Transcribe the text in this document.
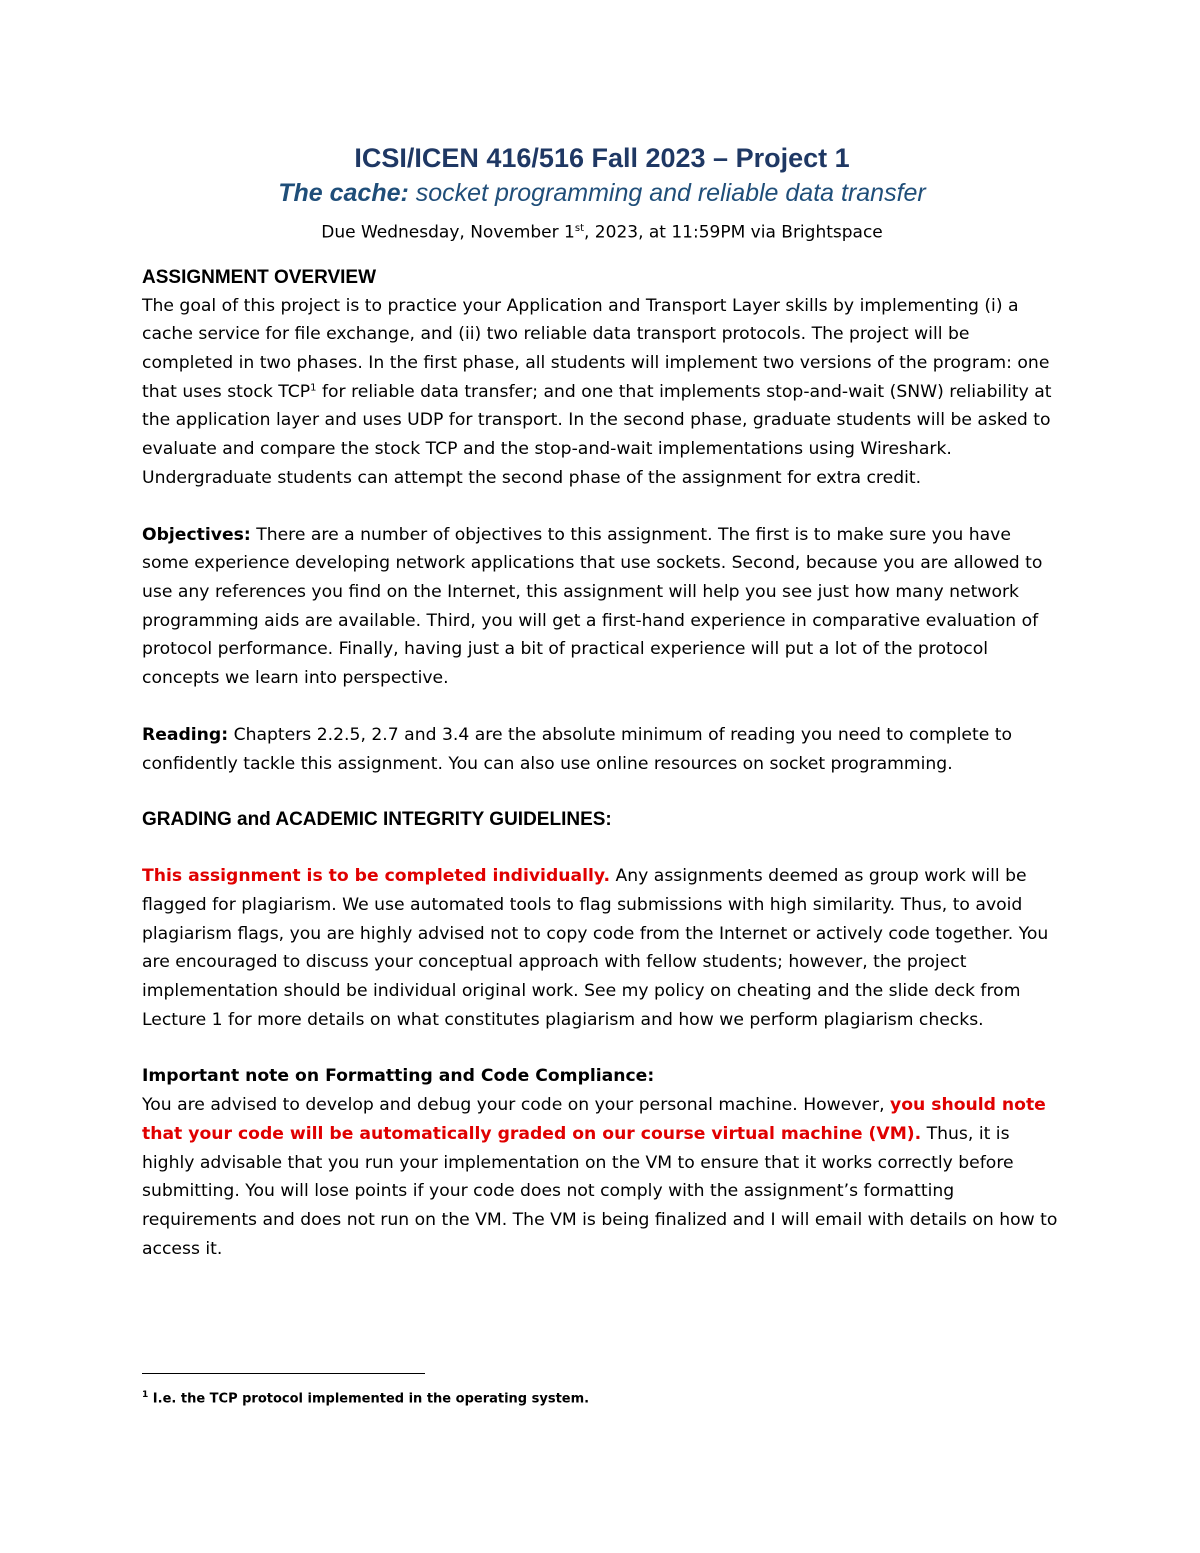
ICSI/ICEN 416/516 Fall 2023 – Project 1

The cache: socket programming and reliable data transfer

Due Wednesday, November 1st, 2023, at 11:59PM via Brightspace

ASSIGNMENT OVERVIEW

The goal of this project is to practice your Application and Transport Layer skills by implementing (i) a cache service for file exchange, and (ii) two reliable data transport protocols. The project will be completed in two phases. In the first phase, all students will implement two versions of the program: one that uses stock TCP$^1$ for reliable data transfer; and one that implements stop-and-wait (SNW) reliability at the application layer and uses UDP for transport. In the second phase, graduate students will be asked to evaluate and compare the stock TCP and the stop-and-wait implementations using Wireshark. Undergraduate students can attempt the second phase of the assignment for extra credit.

Objectives: There are a number of objectives to this assignment. The first is to make sure you have some experience developing network applications that use sockets. Second, because you are allowed to use any references you find on the Internet, this assignment will help you see just how many network programming aids are available. Third, you will get a first-hand experience in comparative evaluation of protocol performance. Finally, having just a bit of practical experience will put a lot of the protocol concepts we learn into perspective.

Reading: Chapters 2.2.5, 2.7 and 3.4 are the absolute minimum of reading you need to complete to confidently tackle this assignment. You can also use online resources on socket programming.

GRADING and ACADEMIC INTEGRITY GUIDELINES:

This assignment is to be completed individually. Any assignments deemed as group work will be flagged for plagiarism. We use automated tools to flag submissions with high similarity. Thus, to avoid plagiarism flags, you are highly advised not to copy code from the Internet or actively code together. You are encouraged to discuss your conceptual approach with fellow students; however, the project implementation should be individual original work. See my policy on cheating and the slide deck from Lecture 1 for more details on what constitutes plagiarism and how we perform plagiarism checks.

Important note on Formatting and Code Compliance:

You are advised to develop and debug your code on your personal machine. However, you should note that your code will be automatically graded on our course virtual machine (VM). Thus, it is highly advisable that you run your implementation on the VM to ensure that it works correctly before submitting. You will lose points if your code does not comply with the assignment’s formatting requirements and does not run on the VM. The VM is being finalized and I will email with details on how to access it.

$^1$ I.e. the TCP protocol implemented in the operating system.
